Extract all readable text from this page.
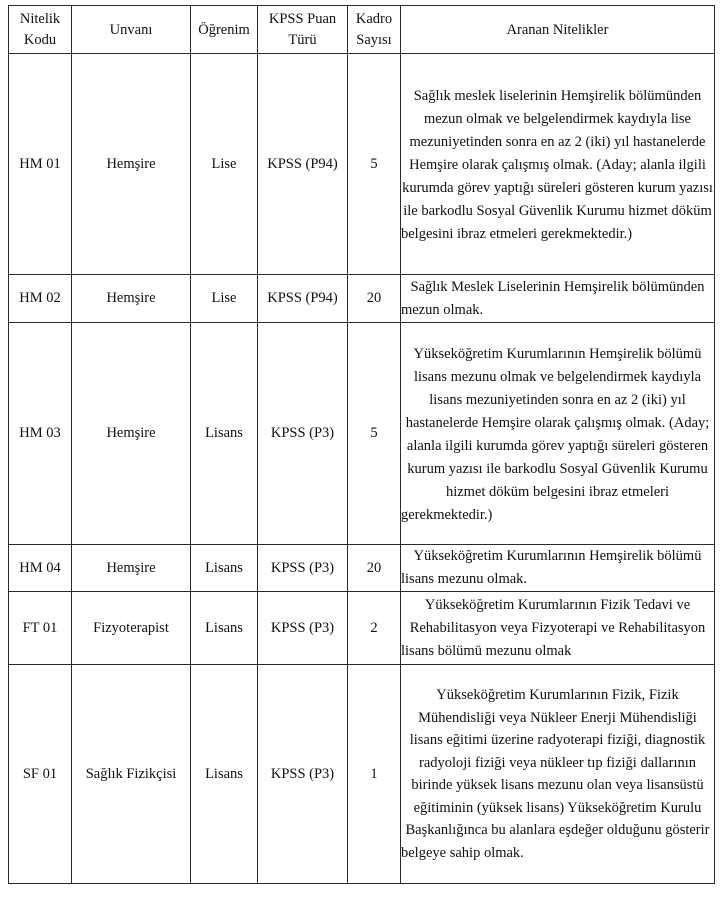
Nitelik Kodu	Unvanı	Öğrenim	KPSS Puan Türü	Kadro Sayısı	Aranan Nitelikler
HM 01	Hemşire	Lise	KPSS (P94)	5	Sağlık meslek liselerinin Hemşirelik bölümünden mezun olmak ve belgelendirmek kaydıyla lise mezuniyetinden sonra en az 2 (iki) yıl hastanelerde Hemşire olarak çalışmış olmak. (Aday; alanla ilgili kurumda görev yaptığı süreleri gösteren kurum yazısı ile barkodlu Sosyal Güvenlik Kurumu hizmet döküm belgesini ibraz etmeleri gerekmektedir.)
HM 02	Hemşire	Lise	KPSS (P94)	20	Sağlık Meslek Liselerinin Hemşirelik bölümünden mezun olmak.
HM 03	Hemşire	Lisans	KPSS (P3)	5	Yükseköğretim Kurumlarının Hemşirelik bölümü lisans mezunu olmak ve belgelendirmek kaydıyla lisans mezuniyetinden sonra en az 2 (iki) yıl hastanelerde Hemşire olarak çalışmış olmak. (Aday; alanla ilgili kurumda görev yaptığı süreleri gösteren kurum yazısı ile barkodlu Sosyal Güvenlik Kurumu hizmet döküm belgesini ibraz etmeleri gerekmektedir.)
HM 04	Hemşire	Lisans	KPSS (P3)	20	Yükseköğretim Kurumlarının Hemşirelik bölümü lisans mezunu olmak.
FT 01	Fizyoterapist	Lisans	KPSS (P3)	2	Yükseköğretim Kurumlarının Fizik Tedavi ve Rehabilitasyon veya Fizyoterapi ve Rehabilitasyon lisans bölümü mezunu olmak
SF 01	Sağlık Fizikçisi	Lisans	KPSS (P3)	1	Yükseköğretim Kurumlarının Fizik, Fizik Mühendisliği veya Nükleer Enerji Mühendisliği lisans eğitimi üzerine radyoterapi fiziği, diagnostik radyoloji fiziği veya nükleer tıp fiziği dallarının birinde yüksek lisans mezunu olan veya lisansüstü eğitiminin (yüksek lisans) Yükseköğretim Kurulu Başkanlığınca bu alanlara eşdeğer olduğunu gösterir belgeye sahip olmak.
